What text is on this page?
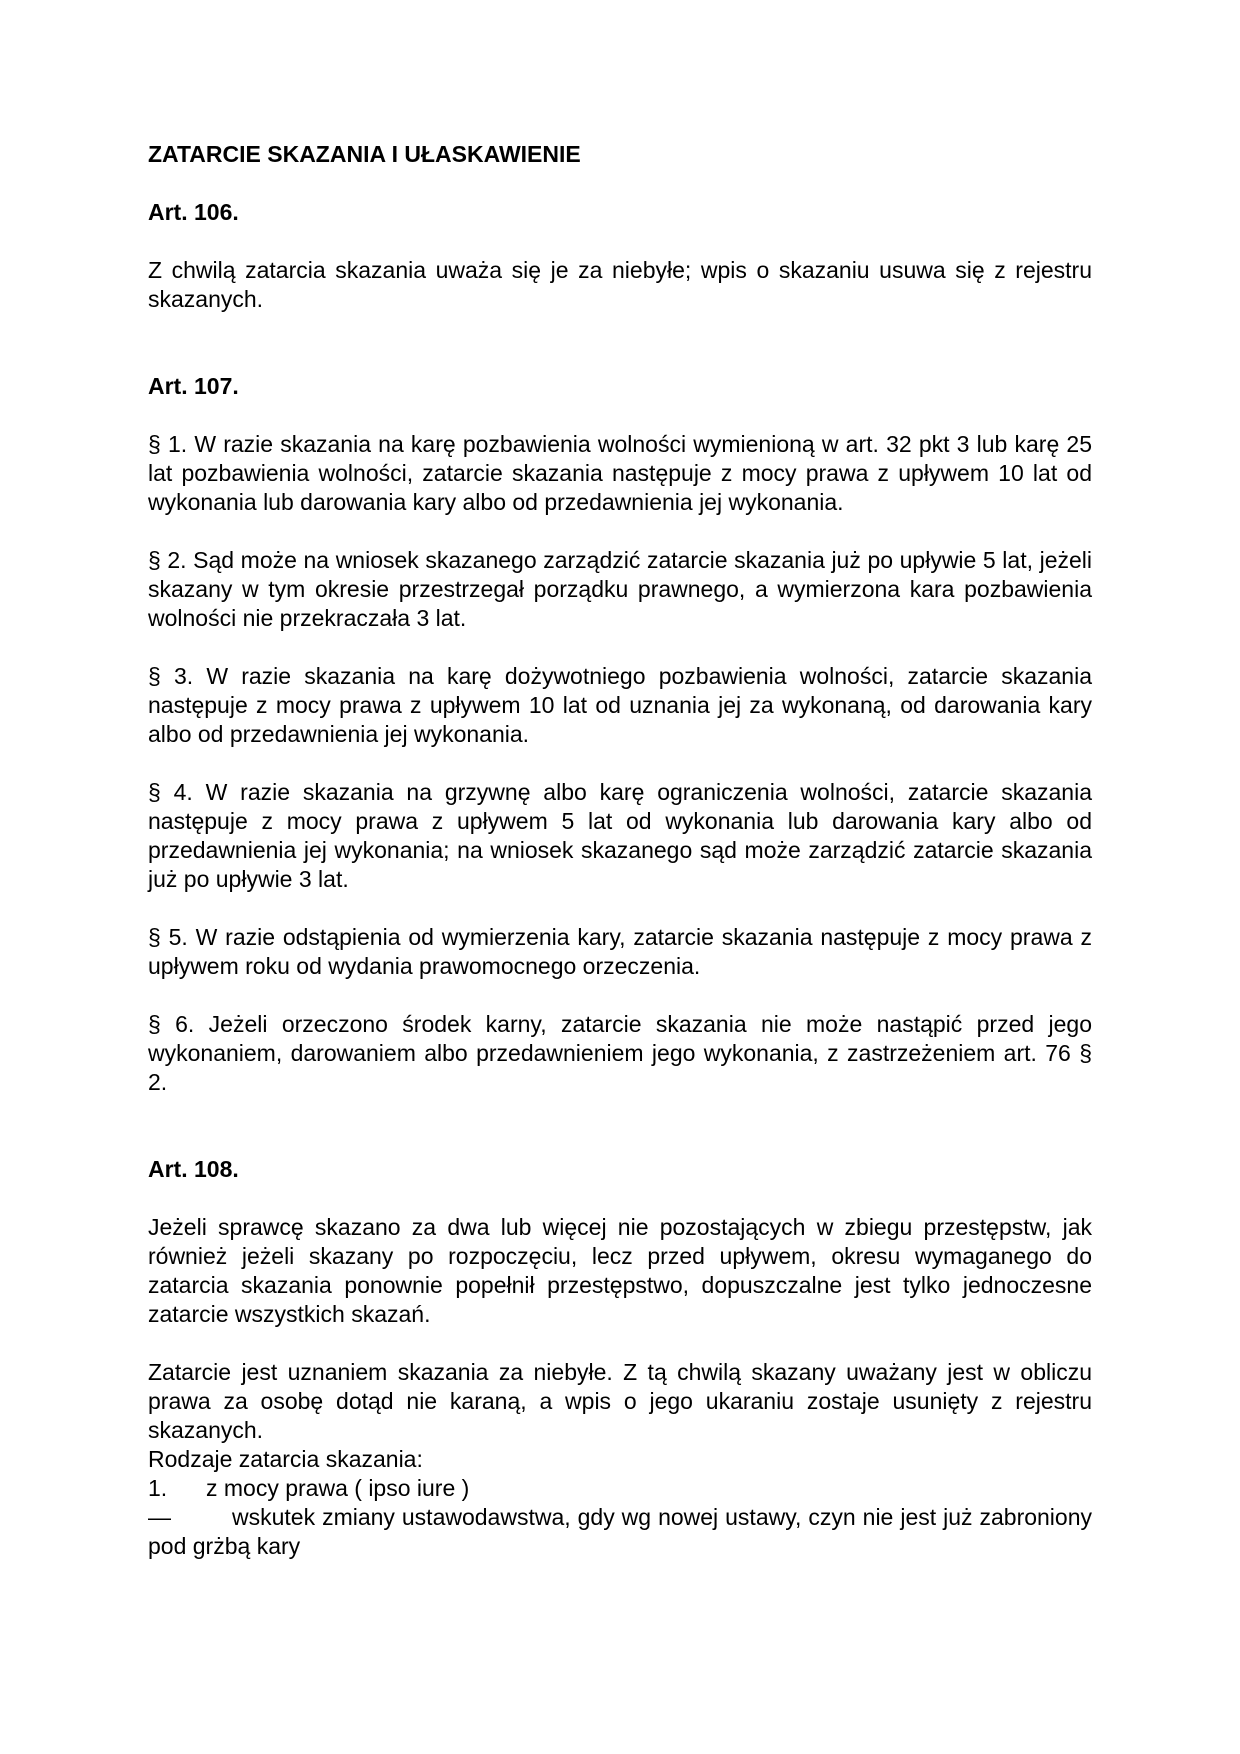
ZATARCIE SKAZANIA I UŁASKAWIENIE
Art. 106.

Z chwilą zatarcia skazania uważa się je za niebyłe; wpis o skazaniu usuwa się z rejestru skazanych.

Art. 107.

§ 1. W razie skazania na karę pozbawienia wolności wymienioną w art. 32 pkt 3 lub karę 25 lat pozbawienia wolności, zatarcie skazania następuje z mocy prawa z upływem 10 lat od wykonania lub darowania kary albo od przedawnienia jej wykonania.

§ 2. Sąd może na wniosek skazanego zarządzić zatarcie skazania już po upływie 5 lat, jeżeli skazany w tym okresie przestrzegał porządku prawnego, a wymierzona kara pozbawienia wolności nie przekraczała 3 lat.

§ 3. W razie skazania na karę dożywotniego pozbawienia wolności, zatarcie skazania następuje z mocy prawa z upływem 10 lat od uznania jej za wykonaną, od darowania kary albo od przedawnienia jej wykonania.

§ 4. W razie skazania na grzywnę albo karę ograniczenia wolności, zatarcie skazania następuje z mocy prawa z upływem 5 lat od wykonania lub darowania kary albo od przedawnienia jej wykonania; na wniosek skazanego sąd może zarządzić zatarcie skazania już po upływie 3 lat.

§ 5. W razie odstąpienia od wymierzenia kary, zatarcie skazania następuje z mocy prawa z upływem roku od wydania prawomocnego orzeczenia.

§ 6. Jeżeli orzeczono środek karny, zatarcie skazania nie może nastąpić przed jego wykonaniem, darowaniem albo przedawnieniem jego wykonania, z zastrzeżeniem art. 76 § 2.

Art. 108.

Jeżeli sprawcę skazano za dwa lub więcej nie pozostających w zbiegu przestępstw, jak również jeżeli skazany po rozpoczęciu, lecz przed upływem, okresu wymaganego do zatarcia skazania ponownie popełnił przestępstwo, dopuszczalne jest tylko jednoczesne zatarcie wszystkich skazań.

Zatarcie jest uznaniem skazania za niebyłe. Z tą chwilą skazany uważany jest w obliczu prawa za osobę dotąd nie karaną, a wpis o jego ukaraniu zostaje usunięty z rejestru skazanych.

Rodzaje zatarcia skazania:

1.	z mocy prawa ( ipso iure )

—	wskutek zmiany ustawodawstwa, gdy wg nowej ustawy, czyn nie jest już zabroniony pod grżbą kary
